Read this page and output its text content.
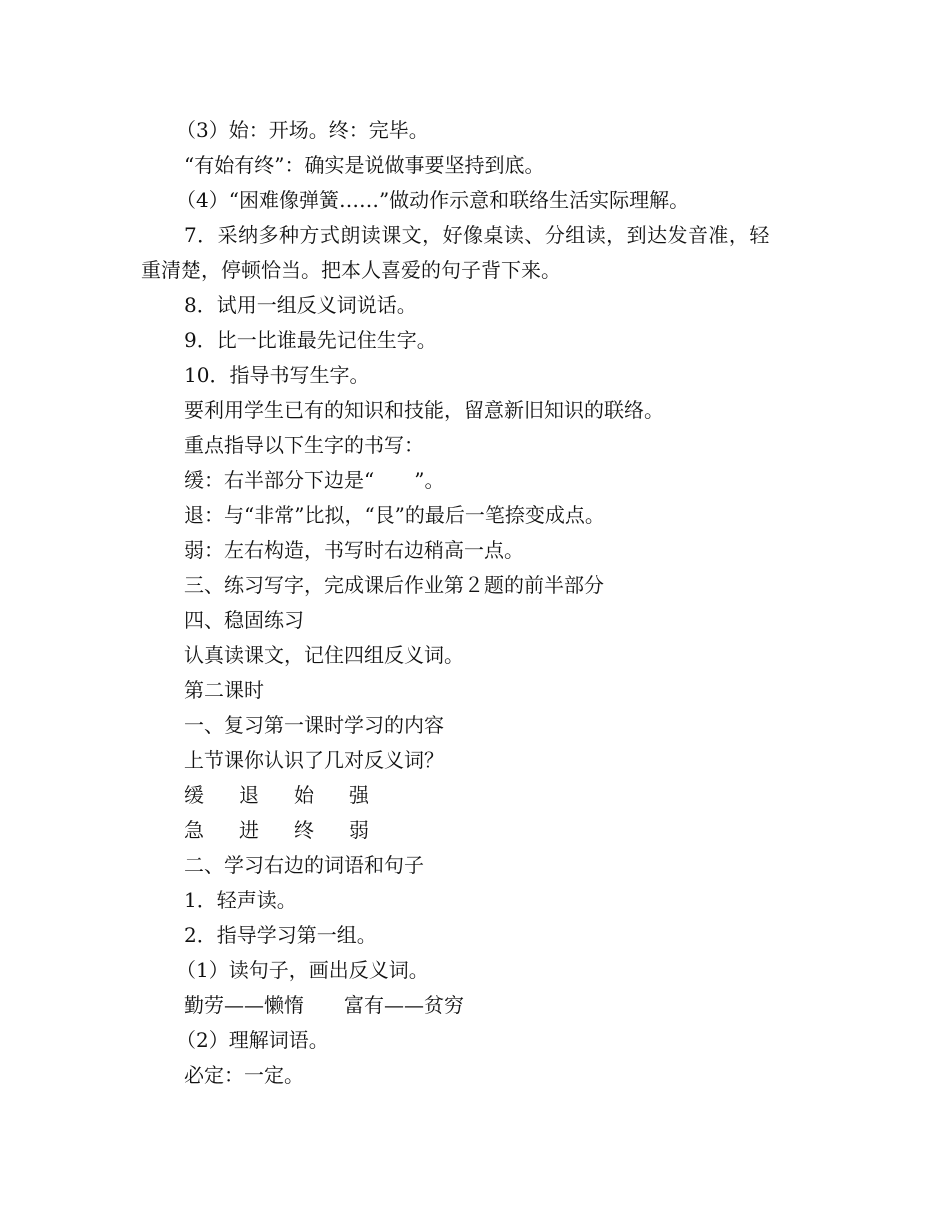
（3）始：开场。终：完毕。
“有始有终”：确实是说做事要坚持到底。
（4）“困难像弹簧……”做动作示意和联络生活实际理解。
7．采纳多种方式朗读课文，好像桌读、分组读，到达发音准，轻
重清楚，停顿恰当。把本人喜爱的句子背下来。
8．试用一组反义词说话。
9．比一比谁最先记住生字。
10．指导书写生字。
要利用学生已有的知识和技能，留意新旧知识的联络。
重点指导以下生字的书写：
缓：右半部分下边是“　　”。
退：与“非常”比拟，“艮”的最后一笔捺变成点。
弱：左右构造，书写时右边稍高一点。
三、练习写字，完成课后作业第２题的前半部分
四、稳固练习
认真读课文，记住四组反义词。
第二课时
一、复习第一课时学习的内容
上节课你认识了几对反义词？
缓 退 始 强
急 进 终 弱
二、学习右边的词语和句子
1．轻声读。
2．指导学习第一组。
（1）读句子，画出反义词。
勤劳——懒惰　　富有——贫穷
（2）理解词语。
必定：一定。
